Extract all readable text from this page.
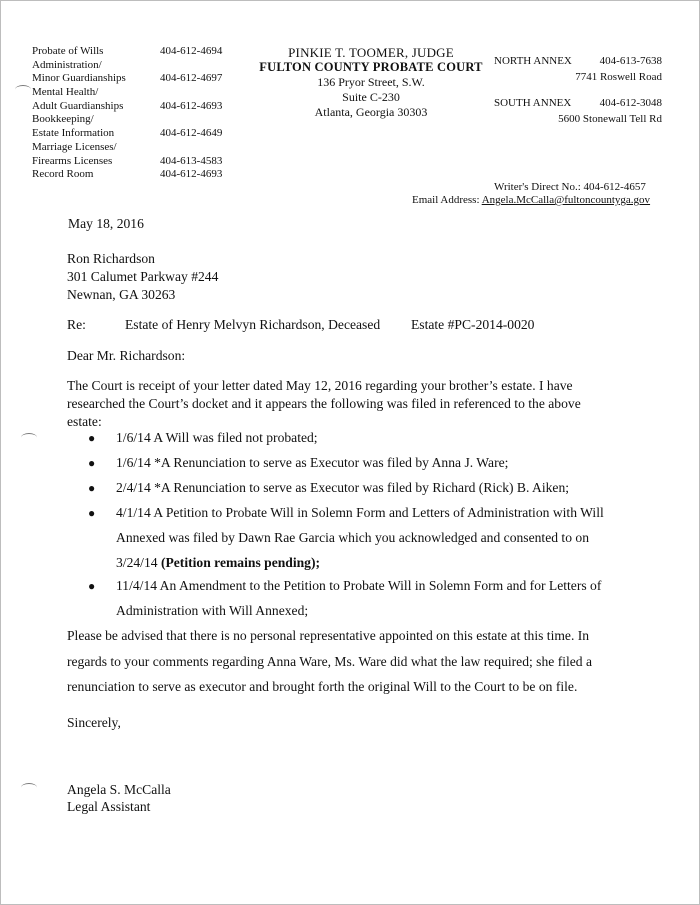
Probate of Wills	404-612-4694
Administration/
Minor Guardianships	404-612-4697
Mental Health/
Adult Guardianships	404-612-4693
Bookkeeping/
Estate Information	404-612-4649
Marriage Licenses/
Firearms Licenses	404-613-4583
Record Room	404-612-4693
PINKIE T. TOOMER, JUDGE
FULTON COUNTY PROBATE COURT
136 Pryor Street, S.W.
Suite C-230
Atlanta, Georgia 30303
NORTH ANNEX	404-613-7638
7741 Roswell Road
SOUTH ANNEX	404-612-3048
5600 Stonewall Tell Rd
Writer's Direct No.: 404-612-4657
Email Address: Angela.McCalla@fultoncountyga.gov
May 18, 2016
Ron Richardson
301 Calumet Parkway #244
Newnan, GA 30263
Re:	Estate of Henry Melvyn Richardson, Deceased Estate #PC-2014-0020
Dear Mr. Richardson:
The Court is receipt of your letter dated May 12, 2016 regarding your brother’s estate. I have
researched the Court’s docket and it appears the following was filed in referenced to the above
estate:
● 1/6/14 A Will was filed not probated;
● 1/6/14 *A Renunciation to serve as Executor was filed by Anna J. Ware;
● 2/4/14 *A Renunciation to serve as Executor was filed by Richard (Rick) B. Aiken;
● 4/1/14 A Petition to Probate Will in Solemn Form and Letters of Administration with Will
Annexed was filed by Dawn Rae Garcia which you acknowledged and consented to on
3/24/14 (Petition remains pending);
● 11/4/14 An Amendment to the Petition to Probate Will in Solemn Form and for Letters of
Administration with Will Annexed;
Please be advised that there is no personal representative appointed on this estate at this time. In
regards to your comments regarding Anna Ware, Ms. Ware did what the law required; she filed a
renunciation to serve as executor and brought forth the original Will to the Court to be on file.
Sincerely,
Angela S. McCalla
Legal Assistant
